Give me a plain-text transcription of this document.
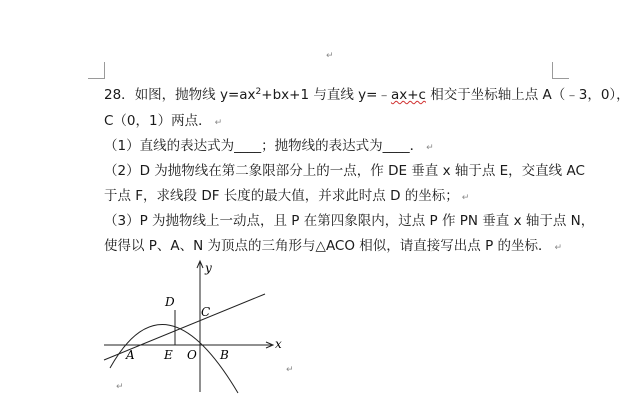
↵
28．如图，抛物线 $y=ax^2+bx+1$ 与直线 y=﹣ax+c 相交于坐标轴上点 A（﹣3，0），
C（0，1）两点． ↵
（1）直线的表达式为____；抛物线的表达式为____． ↵
（2）D 为抛物线在第二象限部分上的一点，作 DE 垂直 x 轴于点 E，交直线 AC
于点 F，求线段 DF 长度的最大值，并求此时点 D 的坐标； ↵
（3）P 为抛物线上一动点，且 P 在第四象限内，过点 P 作 PN 垂直 x 轴于点 N，
使得以 P、A、N 为顶点的三角形与△ACO 相似，请直接写出点 P 的坐标． ↵
y
x
D
C
A E O B
↵
↵
